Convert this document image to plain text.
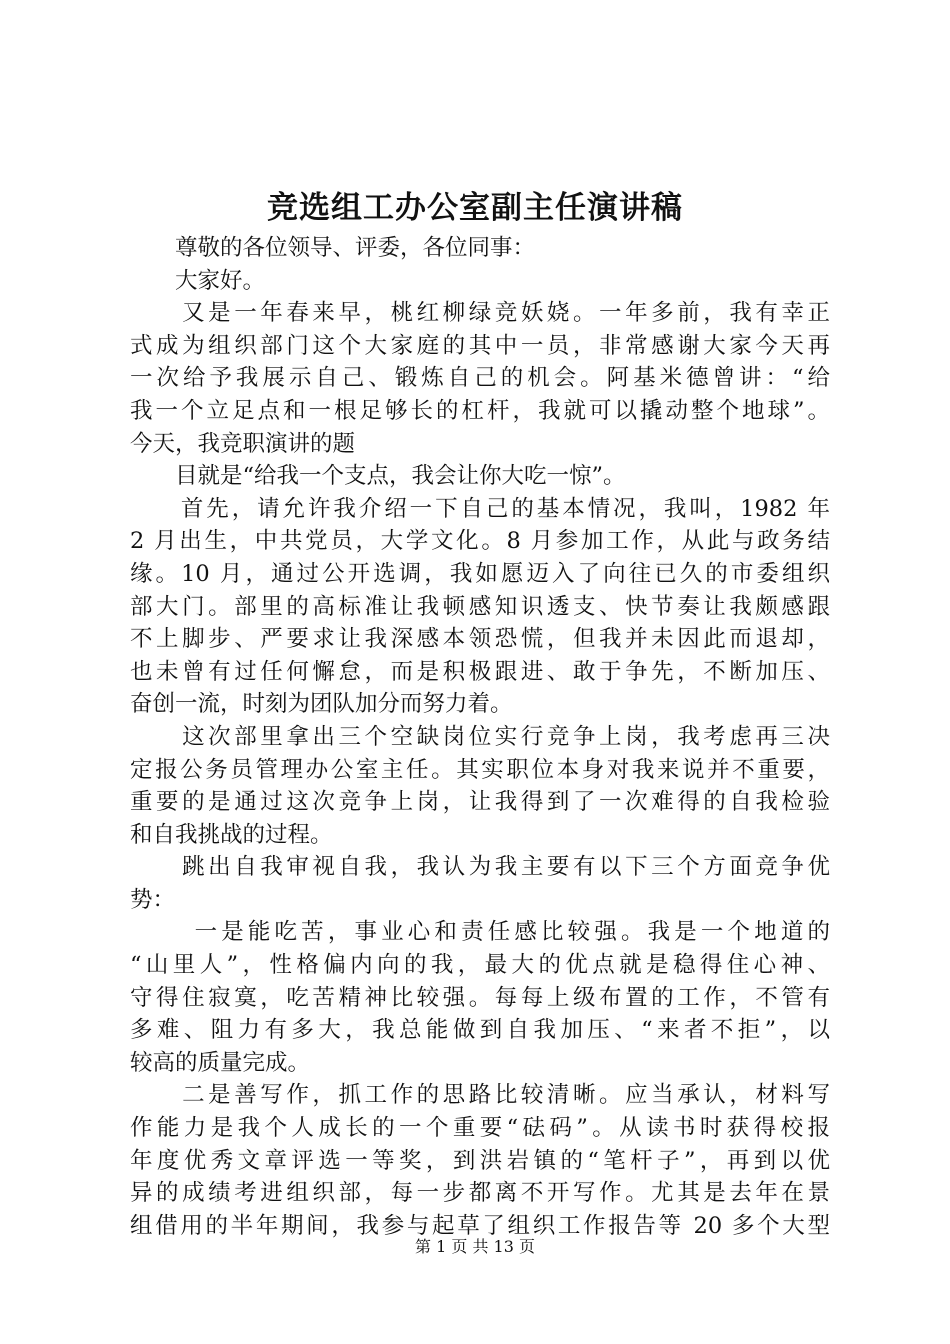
竞选组工办公室副主任演讲稿
　　尊敬的各位领导、评委，各位同事：
　　大家好。
　　又是一年春来早，桃红柳绿竞妖娆。一年多前，我有幸正
式成为组织部门这个大家庭的其中一员，非常感谢大家今天再
一次给予我展示自己、锻炼自己的机会。阿基米德曾讲：“给
我一个立足点和一根足够长的杠杆，我就可以撬动整个地球”。
今天，我竞职演讲的题
　　目就是“给我一个支点，我会让你大吃一惊”。
　　首先，请允许我介绍一下自己的基本情况，我叫，1982 年
2 月出生，中共党员，大学文化。8 月参加工作，从此与政务结
缘。10 月，通过公开选调，我如愿迈入了向往已久的市委组织
部大门。部里的高标准让我顿感知识透支、快节奏让我颇感跟
不上脚步、严要求让我深感本领恐慌，但我并未因此而退却，
也未曾有过任何懈怠，而是积极跟进、敢于争先，不断加压、
奋创一流，时刻为团队加分而努力着。
　　这次部里拿出三个空缺岗位实行竞争上岗，我考虑再三决
定报公务员管理办公室主任。其实职位本身对我来说并不重要，
重要的是通过这次竞争上岗，让我得到了一次难得的自我检验
和自我挑战的过程。
　　跳出自我审视自我，我认为我主要有以下三个方面竞争优
势：
　　 一是能吃苦，事业心和责任感比较强。我是一个地道的
“山里人”，性格偏内向的我，最大的优点就是稳得住心神、
守得住寂寞，吃苦精神比较强。每每上级布置的工作，不管有
多难、阻力有多大，我总能做到自我加压、“来者不拒”，以
较高的质量完成。
　　二是善写作，抓工作的思路比较清晰。应当承认，材料写
作能力是我个人成长的一个重要“砝码”。从读书时获得校报
年度优秀文章评选一等奖，到洪岩镇的“笔杆子”，再到以优
异的成绩考进组织部，每一步都离不开写作。尤其是去年在景
组借用的半年期间，我参与起草了组织工作报告等 20 多个大型
第 1 页 共 13 页
